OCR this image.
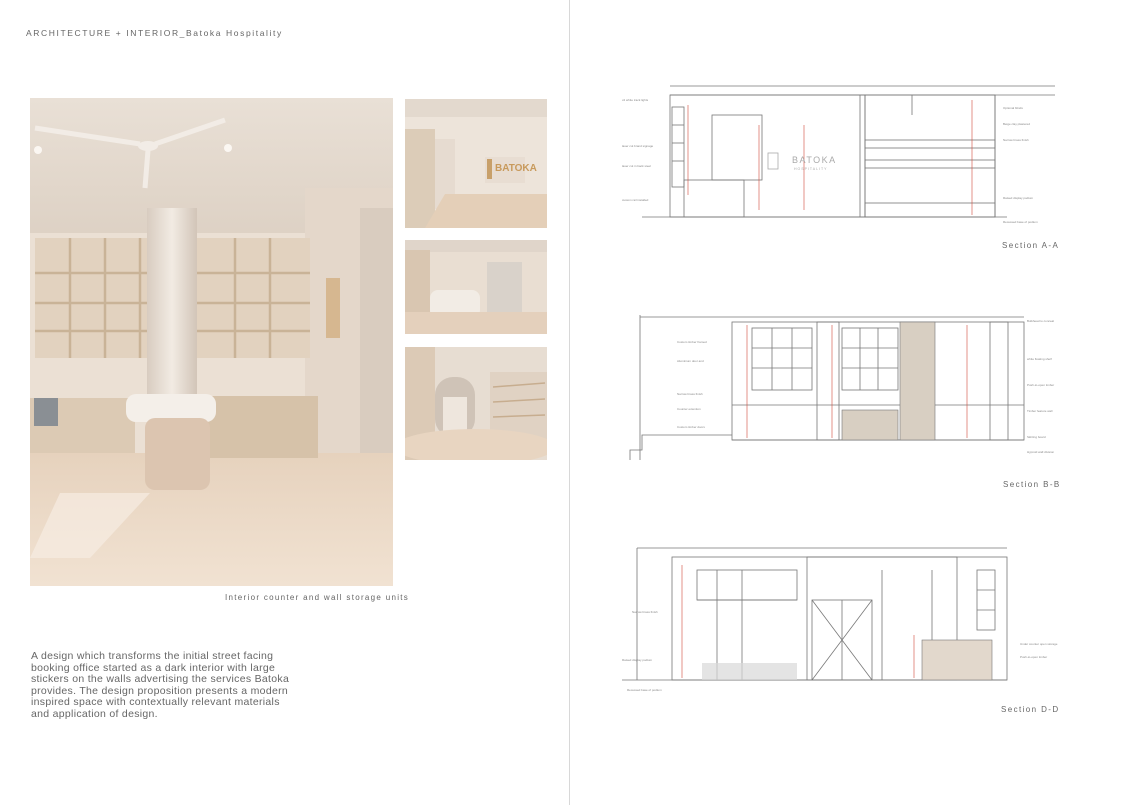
ARCHITECTURE + INTERIOR_Batoka Hospitality
BATOKA
Interior counter and wall storage units
A design which transforms the initial street facing booking office started as a dark interior with large stickers on the walls advertising the services Batoka provides. The design proposition presents a modern inspired space with contextually relevant materials and application of design.
x2 white track lights
laser cut brand signage
laser cut in back steel
custom rail installed
Optional blinds
Beige clay plastered
Narrow brass finish
Raised display podium
Recessed base of podium
BATOKA
HOSPITALITY
Section A-A
Custom timber framed
Aluminium door and
Narrow brass finish
Counter extention
Custom timber doors
Bulkhead to conceal
white floating shelf
Push-to-open timber
Timber feature wall
Skirting board
Hyproid wall division
Section B-B
Narrow brass finish
Raised display podium
Recessed base of podium
Under counter open storage
Push-to-open timber
Section D-D
